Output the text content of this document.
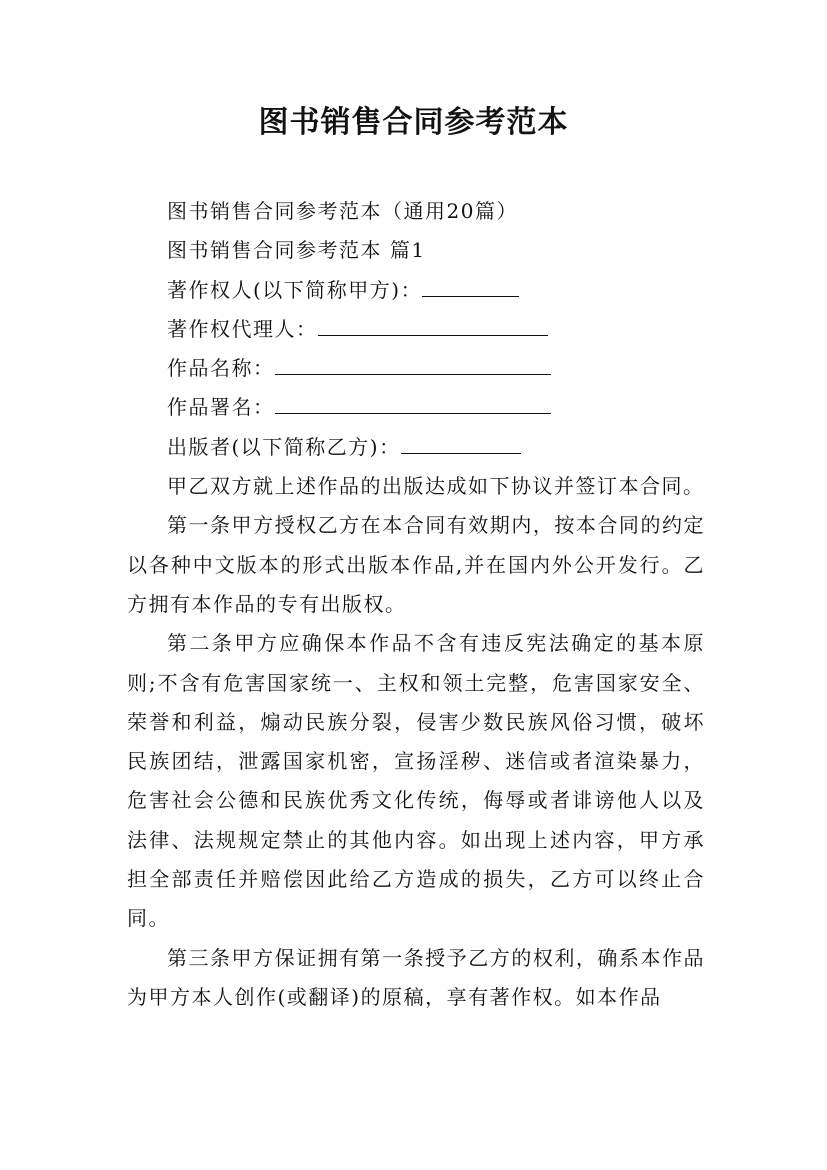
图书销售合同参考范本

图书销售合同参考范本（通用20篇）

图书销售合同参考范本 篇1

著作权人(以下简称甲方)：

著作权代理人：

作品名称：

作品署名：

出版者(以下简称乙方)：

甲乙双方就上述作品的出版达成如下协议并签订本合同。

第一条甲方授权乙方在本合同有效期内，按本合同的约定以各种中文版本的形式出版本作品,并在国内外公开发行。乙方拥有本作品的专有出版权。

第二条甲方应确保本作品不含有违反宪法确定的基本原则;不含有危害国家统一、主权和领土完整，危害国家安全、荣誉和利益，煽动民族分裂，侵害少数民族风俗习惯，破坏民族团结，泄露国家机密，宣扬淫秽、迷信或者渲染暴力，危害社会公德和民族优秀文化传统，侮辱或者诽谤他人以及法律、法规规定禁止的其他内容。如出现上述内容，甲方承担全部责任并赔偿因此给乙方造成的损失，乙方可以终止合同。

第三条甲方保证拥有第一条授予乙方的权利，确系本作品为甲方本人创作(或翻译)的原稿，享有著作权。如本作品
